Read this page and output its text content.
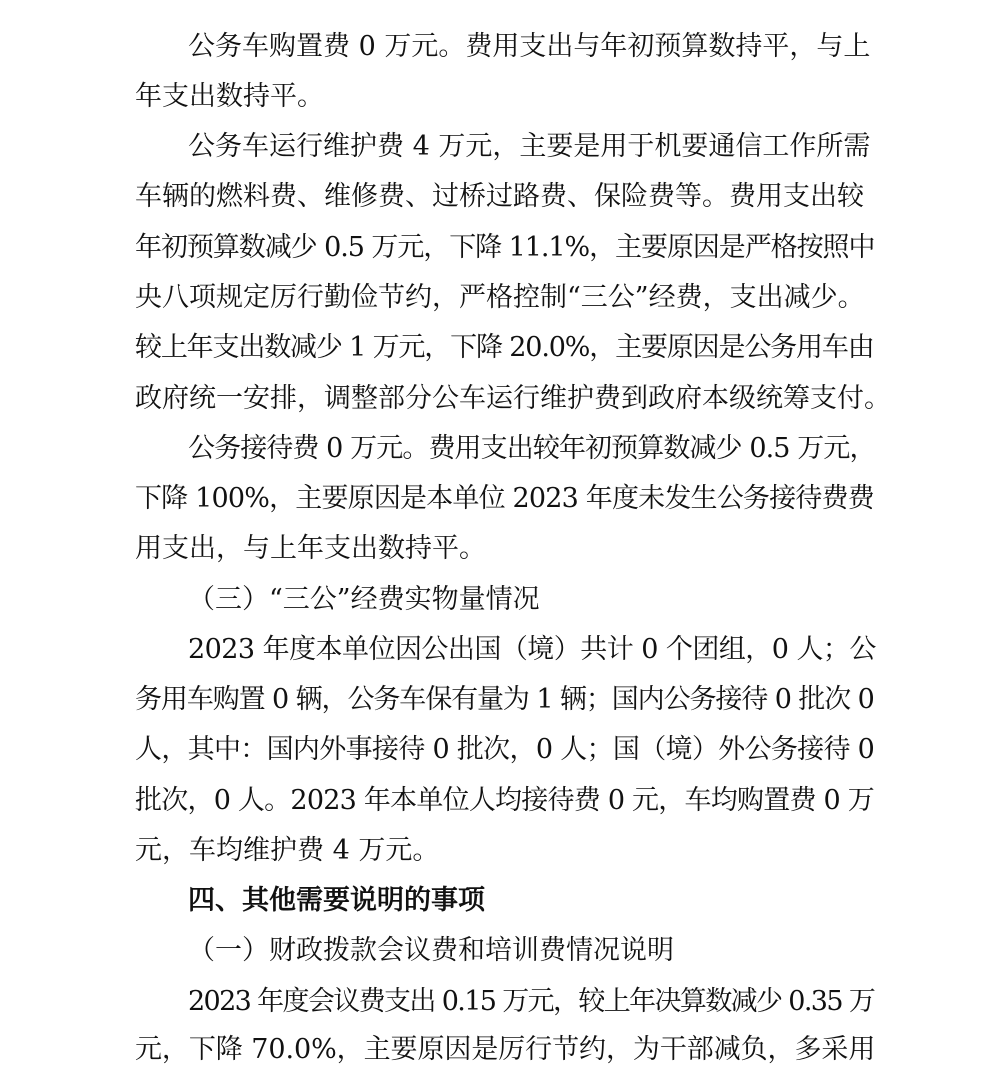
公务车购置费 0 万元。费用支出与年初预算数持平，与上

年支出数持平。

公务车运行维护费 4 万元，主要是用于机要通信工作所需

车辆的燃料费、维修费、过桥过路费、保险费等。费用支出较

年初预算数减少 0.5 万元，下降 11.1%，主要原因是严格按照中

央八项规定厉行勤俭节约，严格控制“三公”经费，支出减少。

较上年支出数减少 1 万元，下降 20.0%，主要原因是公务用车由

政府统一安排，调整部分公车运行维护费到政府本级统筹支付。

公务接待费 0 万元。费用支出较年初预算数减少 0.5 万元，

下降 100%，主要原因是本单位 2023 年度未发生公务接待费费

用支出，与上年支出数持平。

（三）“三公”经费实物量情况

2023 年度本单位因公出国（境）共计 0 个团组，0 人；公

务用车购置 0 辆，公务车保有量为 1 辆；国内公务接待 0 批次 0

人，其中：国内外事接待 0 批次，0 人；国（境）外公务接待 0

批次，0 人。2023 年本单位人均接待费 0 元，车均购置费 0 万

元，车均维护费 4 万元。

四、其他需要说明的事项

（一）财政拨款会议费和培训费情况说明

2023 年度会议费支出 0.15 万元，较上年决算数减少 0.35 万

元，下降 70.0%，主要原因是厉行节约，为干部减负，多采用
